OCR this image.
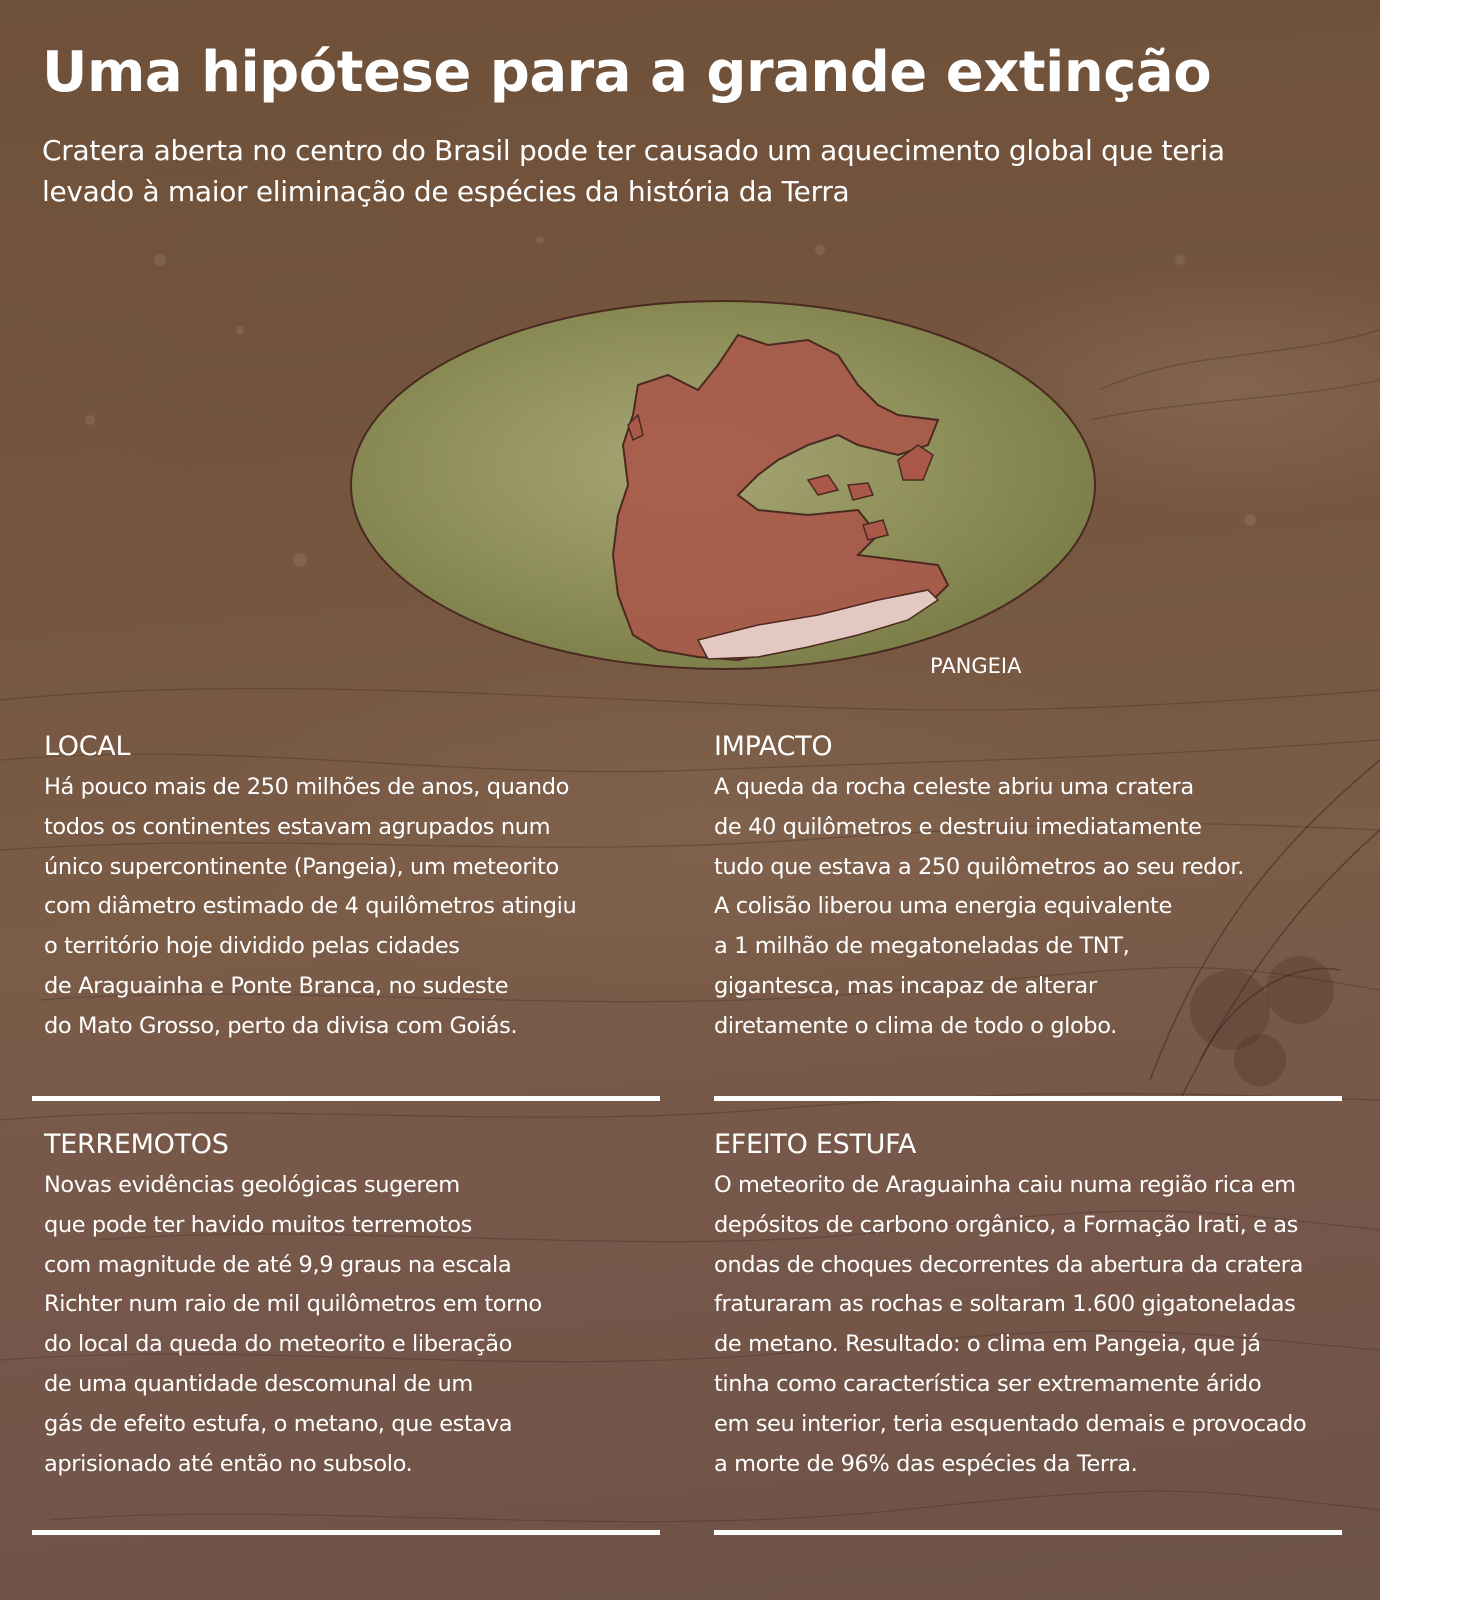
Uma hipótese para a grande extinção

Cratera aberta no centro do Brasil pode ter causado um aquecimento global que teria
levado à maior eliminação de espécies da história da Terra

PANGEIA
LOCAL

Há pouco mais de 250 milhões de anos, quando
todos os continentes estavam agrupados num
único supercontinente (Pangeia), um meteorito
com diâmetro estimado de 4 quilômetros atingiu
o território hoje dividido pelas cidades
de Araguainha e Ponte Branca, no sudeste
do Mato Grosso, perto da divisa com Goiás.

IMPACTO

A queda da rocha celeste abriu uma cratera
de 40 quilômetros e destruiu imediatamente
tudo que estava a 250 quilômetros ao seu redor.
A colisão liberou uma energia equivalente
a 1 milhão de megatoneladas de TNT,
gigantesca, mas incapaz de alterar
diretamente o clima de todo o globo.

TERREMOTOS

Novas evidências geológicas sugerem
que pode ter havido muitos terremotos
com magnitude de até 9,9 graus na escala
Richter num raio de mil quilômetros em torno
do local da queda do meteorito e liberação
de uma quantidade descomunal de um
gás de efeito estufa, o metano, que estava
aprisionado até então no subsolo.

EFEITO ESTUFA

O meteorito de Araguainha caiu numa região rica em
depósitos de carbono orgânico, a Formação Irati, e as
ondas de choques decorrentes da abertura da cratera
fraturaram as rochas e soltaram 1.600 gigatoneladas
de metano. Resultado: o clima em Pangeia, que já
tinha como característica ser extremamente árido
em seu interior, teria esquentado demais e provocado
a morte de 96% das espécies da Terra.
